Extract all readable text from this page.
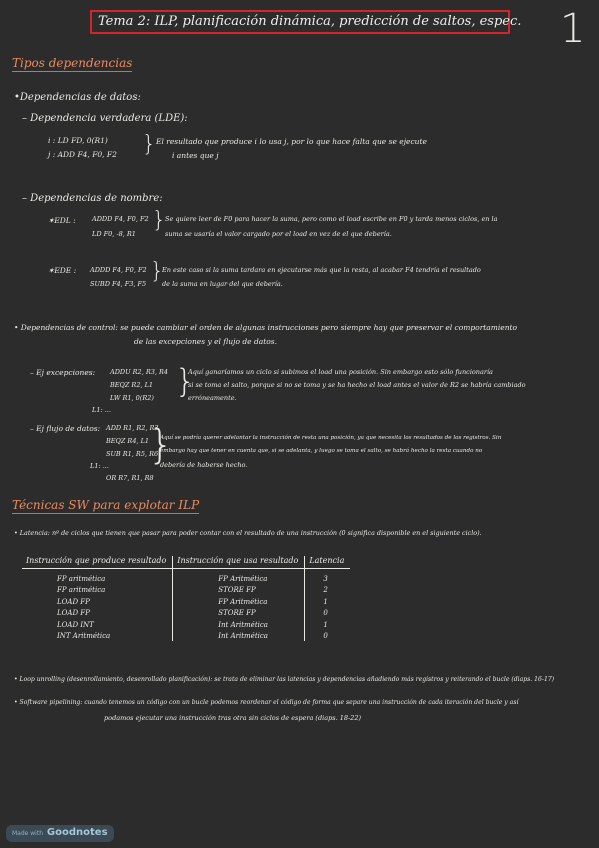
Tema 2: ILP, planificación dinámica, predicción de saltos, espec. 1
Tipos dependencias
•Dependencias de datos:
– Dependencia verdadera (LDE):
i : LD FD, 0(R1)
j : ADD F4, F0, F2 } El resultado que produce i lo usa j, por lo que hace falta que se ejecute
i antes que j
– Dependencias de nombre:
✶EDL :	ADDD F4, F0, F2
LD F0, -8, R1
} Se quiere leer de F0 para hacer la suma, pero como el load escribe en F0 y tarda menos ciclos, en la
suma se usaría el valor cargado por el load en vez de el que debería.
✶EDE : ADDD F4, F0, F2
SUBD F4, F3, F5 }
En este caso si la suma tardara en ejecutarse más que la resta, al acabar F4 tendría el resultado
de la suma en lugar del que debería.
• Dependencias de control: se puede cambiar el orden de algunas instrucciones pero siempre hay que preservar el comportamiento
de las excepciones y el flujo de datos.
– Ej excepciones: ADDU R2, R3, R4
BEQZ R2, L1
LW R1, 0(R2)
L1: ...
}
Aquí ganaríamos un ciclo si subimos el load una posición. Sin embargo esto sólo funcionaría
si se toma el salto, porque si no se toma y se ha hecho el load antes el valor de R2 se habría cambiado
erróneamente.
– Ej flujo de datos: ADD R1, R2, R3
BEQZ R4, L1
SUB R1, R5, R6
L1: ...
OR R7, R1, R8
}
Aquí se podría querer adelantar la instrucción de resta una posición, ya que necesita los resultados de los registros. Sin
embargo hay que tener en cuenta que, si se adelanta, y luego se toma el salto, se habrá hecho la resta cuando no
debería de haberse hecho.
Técnicas SW para explotar ILP
• Latencia: nº de ciclos que tienen que pasar para poder contar con el resultado de una instrucción (0 significa disponible en el siguiente ciclo).
Instrucción que produce resultado	Instrucción que usa resultado	Latencia

FP aritmética	FP Aritmética	3
FP aritmética	STORE FP	2
LOAD FP	FP Aritmética	1
LOAD FP	STORE FP	0
LOAD INT	Int Aritmética	1
INT Aritmética	Int Aritmética	0
• Loop unrolling (desenrollamiento, desenrollado planificación): se trata de eliminar las latencias y dependencias añadiendo más registros y reiterando el bucle (diaps. 16-17)
• Software pipelining: cuando tenemos un código con un bucle podemos reordenar el código de forma que separe una instrucción de cada iteración del bucle y así
podamos ejecutar una instrucción tras otra sin ciclos de espera (diaps. 18-22)
Made with Goodnotes
